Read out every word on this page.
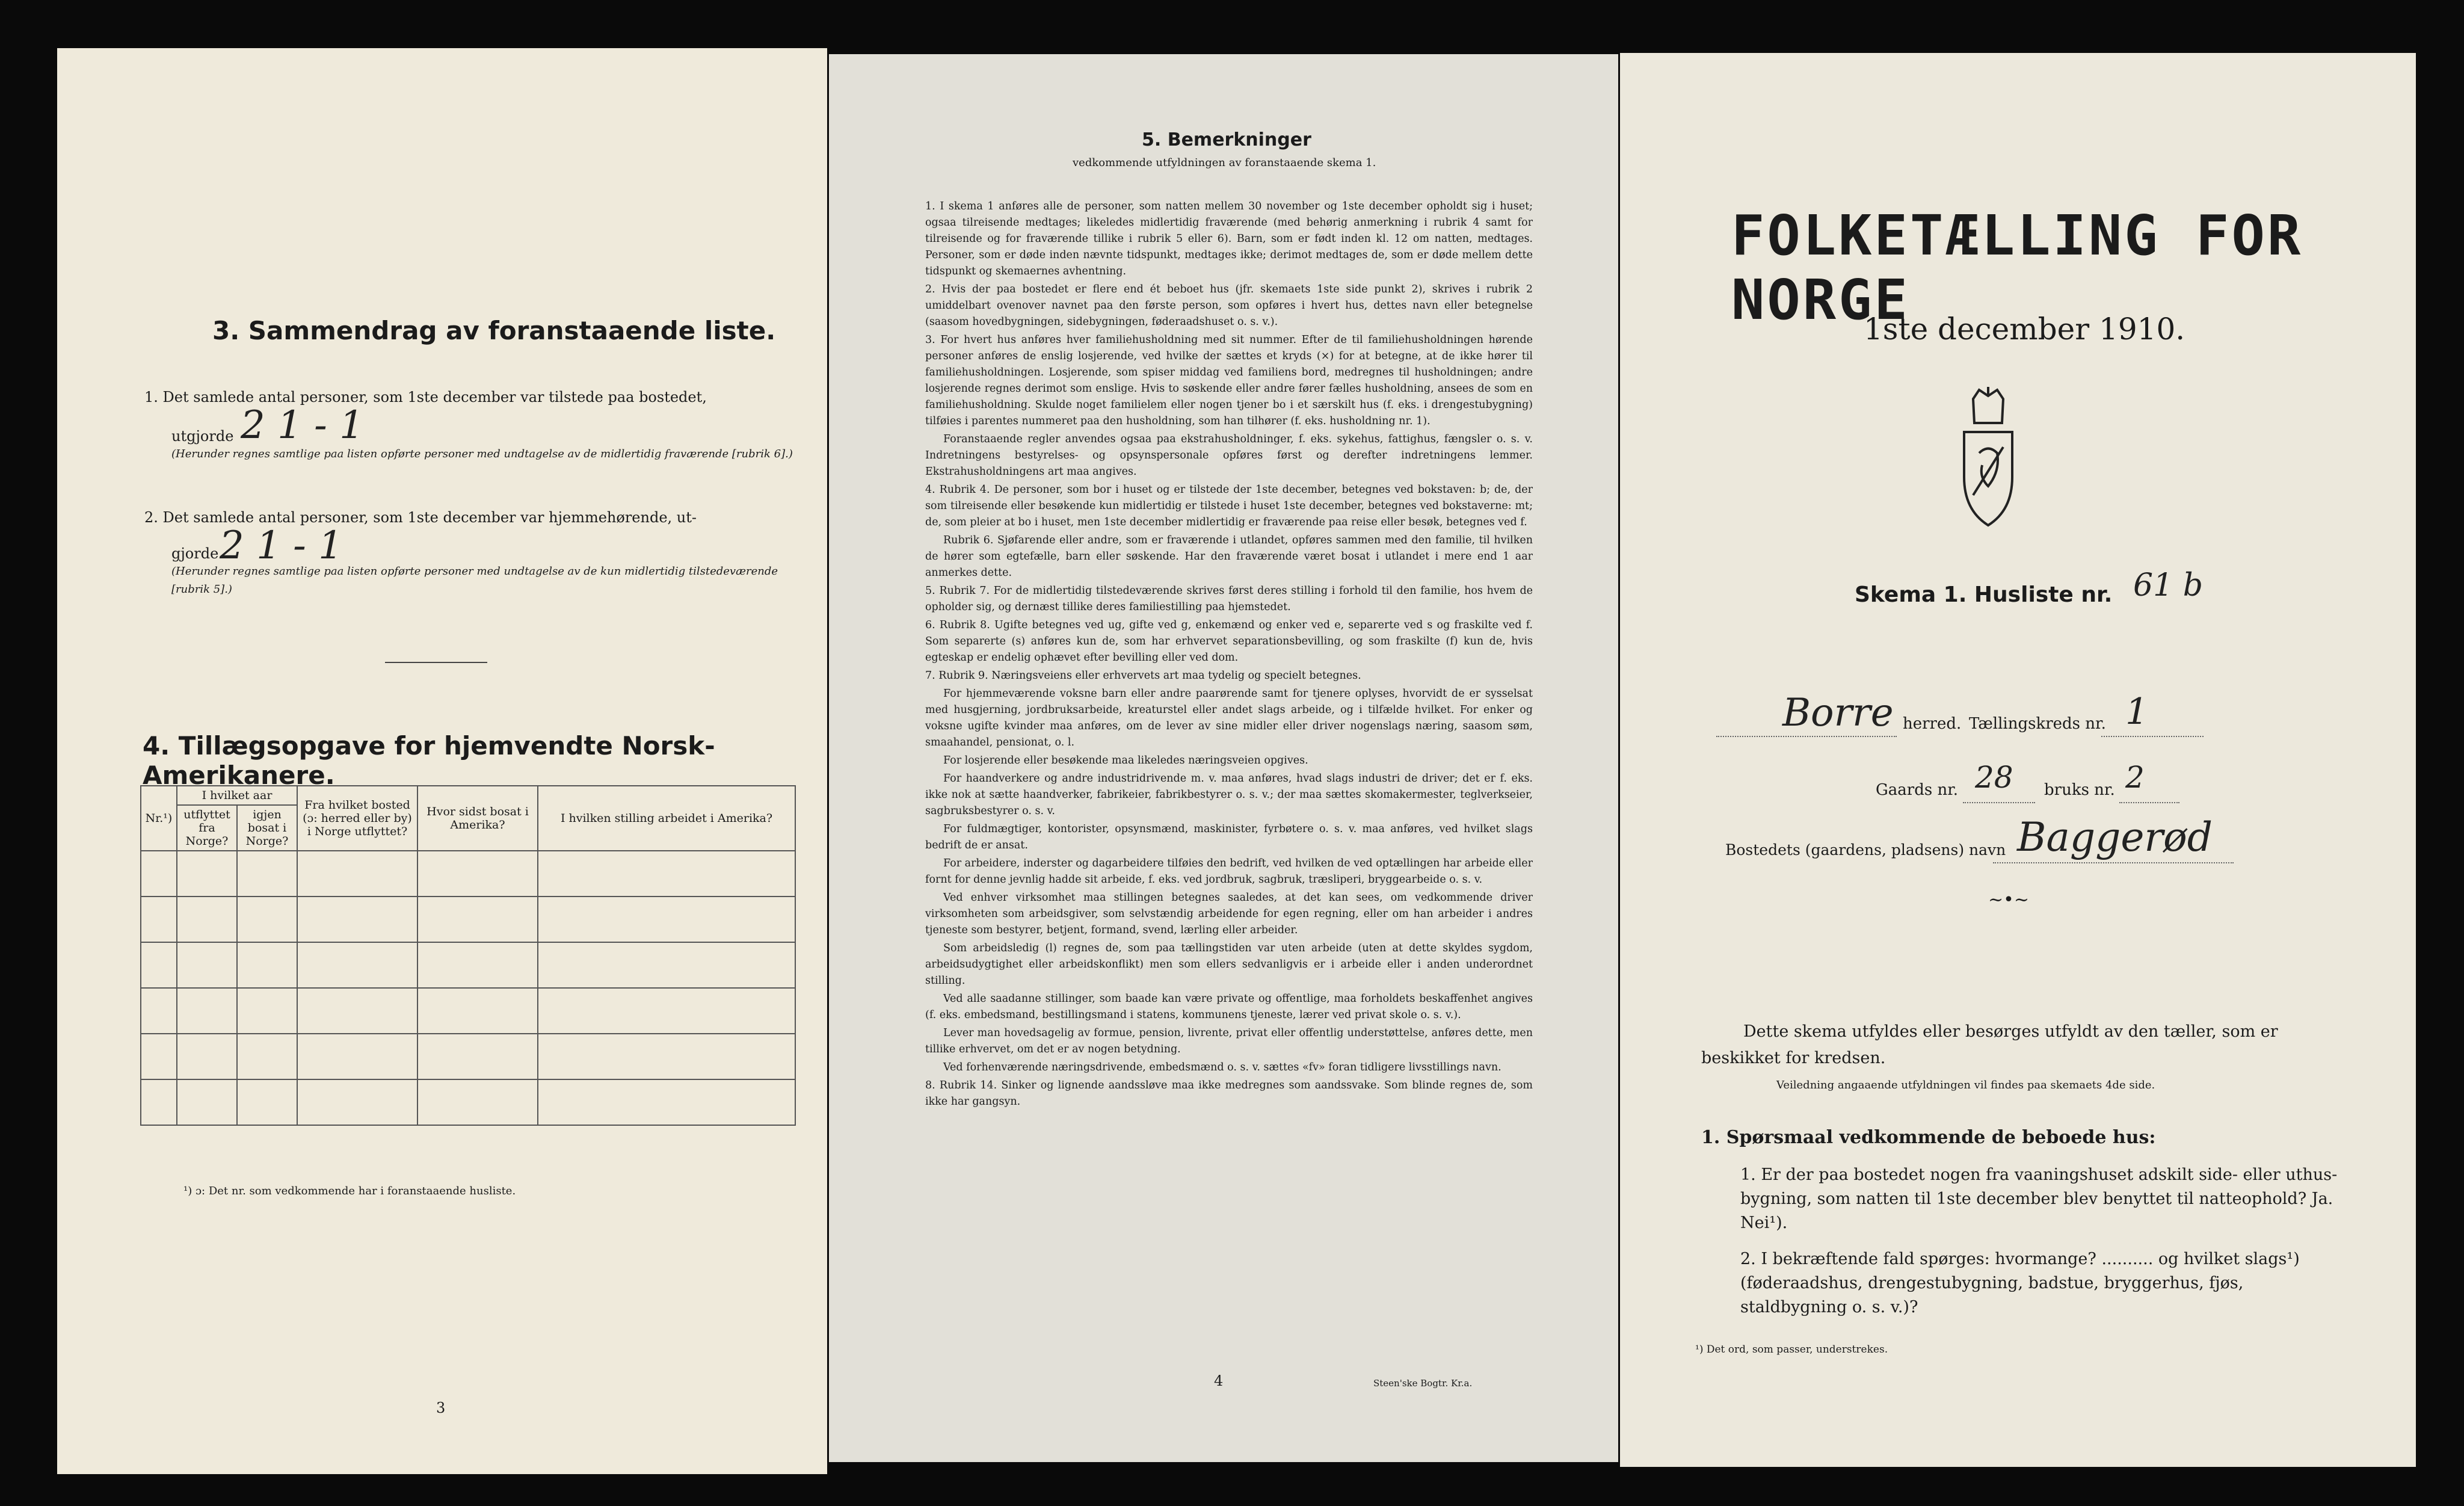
3. Sammendrag av foranstaaende liste.
1. Det samlede antal personer, som 1ste december var tilstede paa bostedet,
utgjorde 2 1 - 1
(Herunder regnes samtlige paa listen opførte personer med undtagelse av de midlertidig fraværende [rubrik 6].)
2. Det samlede antal personer, som 1ste december var hjemmehørende, ut-
gjorde 2 1 - 1
(Herunder regnes samtlige paa listen opførte personer med undtagelse av de kun midlertidig tilstedeværende [rubrik 5].)
4. Tillægsopgave for hjemvendte Norsk-Amerikanere.
Nr.¹)	I hvilket aar		Fra hvilket bosted (ɔ: herred eller by) i Norge utflyttet?	Hvor sidst bosat i Amerika?	I hvilken stilling arbeidet i Amerika?
	utflyttet fra Norge?	igjen bosat i Norge?			

¹) ɔ: Det nr. som vedkommende har i foranstaaende husliste.
3
5. Bemerkninger
vedkommende utfyldningen av foranstaaende skema 1.

1. I skema 1 anføres alle de personer, som natten mellem 30 november og 1ste december opholdt sig i huset; ogsaa tilreisende medtages; likeledes midlertidig fraværende (med behørig anmerkning i rubrik 4 samt for tilreisende og for fraværende tillike i rubrik 5 eller 6). Barn, som er født inden kl. 12 om natten, medtages. Personer, som er døde inden nævnte tidspunkt, medtages ikke; derimot medtages de, som er døde mellem dette tidspunkt og skemaernes avhentning.

2. Hvis der paa bostedet er flere end ét beboet hus (jfr. skemaets 1ste side punkt 2), skrives i rubrik 2 umiddelbart ovenover navnet paa den første person, som opføres i hvert hus, dettes navn eller betegnelse (saasom hovedbygningen, sidebygningen, føderaadshuset o. s. v.).

3. For hvert hus anføres hver familiehusholdning med sit nummer. Efter de til familiehusholdningen hørende personer anføres de enslig losjerende, ved hvilke der sættes et kryds (×) for at betegne, at de ikke hører til familiehusholdningen. Losjerende, som spiser middag ved familiens bord, medregnes til husholdningen; andre losjerende regnes derimot som enslige. Hvis to søskende eller andre fører fælles husholdning, ansees de som en familiehusholdning. Skulde noget familielem eller nogen tjener bo i et særskilt hus (f. eks. i drengestubygning) tilføies i parentes nummeret paa den husholdning, som han tilhører (f. eks. husholdning nr. 1).

Foranstaaende regler anvendes ogsaa paa ekstrahusholdninger, f. eks. sykehus, fattighus, fængsler o. s. v. Indretningens bestyrelses- og opsynspersonale opføres først og derefter indretningens lemmer. Ekstrahusholdningens art maa angives.

4. Rubrik 4. De personer, som bor i huset og er tilstede der 1ste december, betegnes ved bokstaven: b; de, der som tilreisende eller besøkende kun midlertidig er tilstede i huset 1ste december, betegnes ved bokstaverne: mt; de, som pleier at bo i huset, men 1ste december midlertidig er fraværende paa reise eller besøk, betegnes ved f.

Rubrik 6. Sjøfarende eller andre, som er fraværende i utlandet, opføres sammen med den familie, til hvilken de hører som egtefælle, barn eller søskende. Har den fraværende været bosat i utlandet i mere end 1 aar anmerkes dette.

5. Rubrik 7. For de midlertidig tilstedeværende skrives først deres stilling i forhold til den familie, hos hvem de opholder sig, og dernæst tillike deres familiestilling paa hjemstedet.

6. Rubrik 8. Ugifte betegnes ved ug, gifte ved g, enkemænd og enker ved e, separerte ved s og fraskilte ved f. Som separerte (s) anføres kun de, som har erhvervet separationsbevilling, og som fraskilte (f) kun de, hvis egteskap er endelig ophævet efter bevilling eller ved dom.

7. Rubrik 9. Næringsveiens eller erhvervets art maa tydelig og specielt betegnes.

For hjemmeværende voksne barn eller andre paarørende samt for tjenere oplyses, hvorvidt de er sysselsat med husgjerning, jordbruksarbeide, kreaturstel eller andet slags arbeide, og i tilfælde hvilket. For enker og voksne ugifte kvinder maa anføres, om de lever av sine midler eller driver nogenslags næring, saasom søm, smaahandel, pensionat, o. l.

For losjerende eller besøkende maa likeledes næringsveien opgives.

For haandverkere og andre industridrivende m. v. maa anføres, hvad slags industri de driver; det er f. eks. ikke nok at sætte haandverker, fabrikeier, fabrikbestyrer o. s. v.; der maa sættes skomakermester, teglverkseier, sagbruksbestyrer o. s. v.

For fuldmægtiger, kontorister, opsynsmænd, maskinister, fyrbøtere o. s. v. maa anføres, ved hvilket slags bedrift de er ansat.

For arbeidere, inderster og dagarbeidere tilføies den bedrift, ved hvilken de ved optællingen har arbeide eller fornt for denne jevnlig hadde sit arbeide, f. eks. ved jordbruk, sagbruk, træsliperi, bryggearbeide o. s. v.

Ved enhver virksomhet maa stillingen betegnes saaledes, at det kan sees, om vedkommende driver virksomheten som arbeidsgiver, som selvstændig arbeidende for egen regning, eller om han arbeider i andres tjeneste som bestyrer, betjent, formand, svend, lærling eller arbeider.

Som arbeidsledig (l) regnes de, som paa tællingstiden var uten arbeide (uten at dette skyldes sygdom, arbeidsudygtighet eller arbeidskonflikt) men som ellers sedvanligvis er i arbeide eller i anden underordnet stilling.

Ved alle saadanne stillinger, som baade kan være private og offentlige, maa forholdets beskaffenhet angives (f. eks. embedsmand, bestillingsmand i statens, kommunens tjeneste, lærer ved privat skole o. s. v.).

Lever man hovedsagelig av formue, pension, livrente, privat eller offentlig understøttelse, anføres dette, men tillike erhvervet, om det er av nogen betydning.

Ved forhenværende næringsdrivende, embedsmænd o. s. v. sættes «fv» foran tidligere livsstillings navn.

8. Rubrik 14. Sinker og lignende aandssløve maa ikke medregnes som aandssvake. Som blinde regnes de, som ikke har gangsyn.

4	Steen'ske Bogtr. Kr.a.
FOLKETÆLLING FOR NORGE
1ste december 1910.
Skema 1. Husliste nr. 61 b
Borre herred. Tællingskreds nr. 1
Gaards nr. 28 bruks nr. 2
Bostedets (gaardens, pladsens) navn Baggerød
~•~
Dette skema utfyldes eller besørges utfyldt av den tæller, som er beskikket for kredsen.
Veiledning angaaende utfyldningen vil findes paa skemaets 4de side.
1. Spørsmaal vedkommende de beboede hus:
1. Er der paa bostedet nogen fra vaaningshuset adskilt side- eller uthus-bygning, som natten til 1ste december blev benyttet til natteophold? Ja. Nei¹).
2. I bekræftende fald spørges: hvormange? .......... og hvilket slags¹) (føderaadshus, drengestubygning, badstue, bryggerhus, fjøs, staldbygning o. s. v.)?
¹) Det ord, som passer, understrekes.
